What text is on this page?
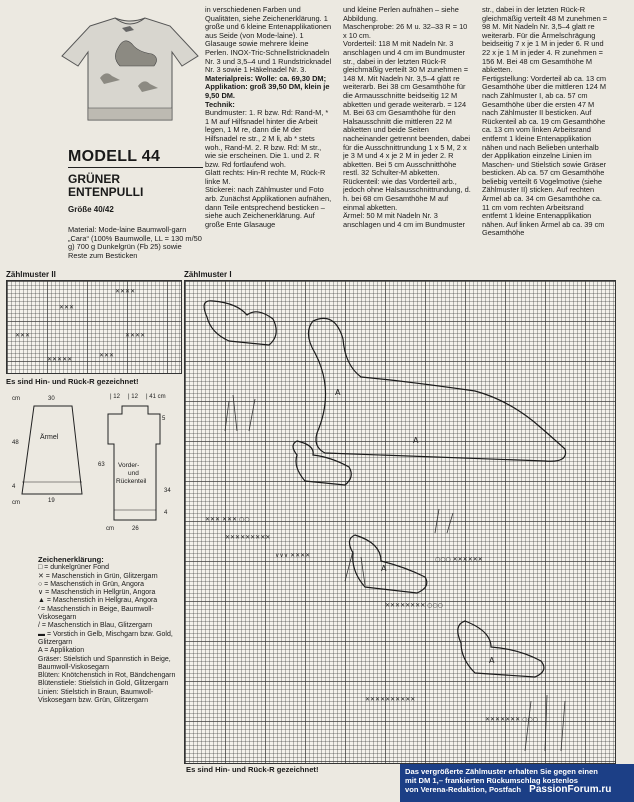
MODELL 44
GRÜNER
ENTENPULLI
Größe 40/42

Material: Mode-laine Baumwoll-garn „Cara“ (100% Baumwolle, LL = 130 m/50 g) 700 g Dunkelgrün (Fb 25) sowie Reste zum Besticken

in verschiedenen Farben und Qualitäten, siehe Zeichenerklärung. 1 große und 6 kleine Entenapplikationen aus Seide (von Mode-laine). 1 Glasauge sowie mehrere kleine Perlen. INOX-Tric-Schnellstricknadeln Nr. 3 und 3,5–4 und 1 Rundstricknadel Nr. 3 sowie 1 Häkelnadel Nr. 3.

Materialpreis: Wolle: ca. 69,30 DM; Applikation: groß 39,50 DM, klein je 9,50 DM.

Technik:

Bundmuster: 1. R bzw. Rd: Rand-M, * 1 M auf Hilfsnadel hinter die Arbeit legen, 1 M re, dann die M der Hilfsnadel re str., 2 M li, ab * stets woh., Rand-M. 2. R bzw. Rd: M str., wie sie erscheinen. Die 1. und 2. R bzw. Rd fortlaufend woh.

Glatt rechts: Hin-R rechte M, Rück-R linke M.

Stickerei: nach Zählmuster und Foto arb. Zunächst Applikationen aufnähen, dann Teile entsprechend besticken – siehe auch Zeichenerklärung. Auf große Ente Glasauge

und kleine Perlen aufnähen – siehe Abbildung.

Maschenprobe: 26 M u. 32–33 R = 10 x 10 cm.

Vorderteil: 118 M mit Nadeln Nr. 3 anschlagen und 4 cm im Bundmuster str., dabei in der letzten Rück-R gleichmäßig verteilt 30 M zunehmen = 148 M. Mit Nadeln Nr. 3,5–4 glatt re weiterarb. Bei 38 cm Gesamthöhe für die Armausschnitte beidseitig 12 M abketten und gerade weiterarb. = 124 M. Bei 63 cm Gesamthöhe für den Halsausschnitt die mittleren 22 M abketten und beide Seiten nacheinander getrennt beenden, dabei für die Ausschnittrundung 1 x 5 M, 2 x je 3 M und 4 x je 2 M in jeder 2. R abketten. Bei 5 cm Ausschnitthöhe restl. 32 Schulter-M abketten.

Rückenteil: wie das Vorderteil arb., jedoch ohne Halsausschnittrundung, d. h. bei 68 cm Gesamthöhe M auf einmal abketten.

Ärmel: 50 M mit Nadeln Nr. 3 anschlagen und 4 cm im Bundmuster

str., dabei in der letzten Rück-R gleichmäßig verteilt 48 M zunehmen = 98 M. Mit Nadeln Nr. 3,5–4 glatt re weiterarb. Für die Ärmelschrägung beidseitig 7 x je 1 M in jeder 6. R und 22 x je 1 M in jeder 4. R zunehmen = 156 M. Bei 48 cm Gesamthöhe M abketten.

Fertigstellung: Vorderteil ab ca. 13 cm Gesamthöhe über die mittleren 124 M nach Zählmuster I, ab ca. 57 cm Gesamthöhe über die ersten 47 M nach Zählmuster II besticken. Auf Rückenteil ab ca. 19 cm Gesamthöhe ca. 13 cm vom linken Arbeitsrand entfernt 1 kleine Entenapplikation nähen und nach Belieben unterhalb der Applikation einzelne Linien im Maschen- und Stielstich sowie Gräser besticken. Ab ca. 57 cm Gesamthöhe beliebig verteilt 6 Vogelmotive (siehe Zählmuster II) sticken. Auf rechten Ärmel ab ca. 34 cm Gesamthöhe ca. 11 cm vom rechten Arbeitsrand entfernt 1 kleine Entenapplikation nähen. Auf linken Ärmel ab ca. 39 cm Gesamthöhe

Zählmuster II
✕✕✕
✕✕✕✕
✕✕✕	✕✕✕✕
✕✕✕✕✕
✕✕✕
Es sind Hin- und Rück-R gezeichnet!
Ärmel
Vorder-
und
Rückenteil
cm	30
48
4
19
| 12 | 12 | 41 cm
5
63
34
4
cm	26
cm
Zeichenerklärung:
□ = dunkelgrüner Fond
✕ = Maschenstich in Grün, Glitzergarn
○ = Maschenstich in Grün, Angora
∨ = Maschenstich in Hellgrün, Angora
▲ = Maschenstich in Hellgrau, Angora
⁄ = Maschenstich in Beige, Baumwoll-Viskosegarn
/ = Maschenstich in Blau, Glitzergarn
▬ = Vorstich in Gelb, Mischgarn bzw. Gold, Glitzergarn
A = Applikation
Gräser: Stielstich und Spannstich in Beige, Baumwoll-Viskosegarn
Blüten: Knötchenstich in Rot, Bändchengarn
Blütenstiele: Stielstich in Gold, Glitzergarn
Linien: Stielstich in Braun, Baumwoll-Viskosegarn bzw. Grün, Glitzergarn
Zählmuster I
✕✕✕ ✕✕✕ ○○
✕✕✕✕✕✕✕✕✕
∨∨∨ ✕✕✕✕
○○○ ✕✕✕✕✕✕
✕✕✕✕✕✕✕✕ ○○○
✕✕✕✕✕✕✕✕✕✕
✕✕✕✕✕✕✕ ○○○
A
A
A
A
Es sind Hin- und Rück-R gezeichnet!	Das vergrößerte Zählmuster erhalten Sie gegen einen
mit DM 1,– frankierten Rückumschlag kostenlos
von Verena-Redaktion, Postfach PassionForum.ru
